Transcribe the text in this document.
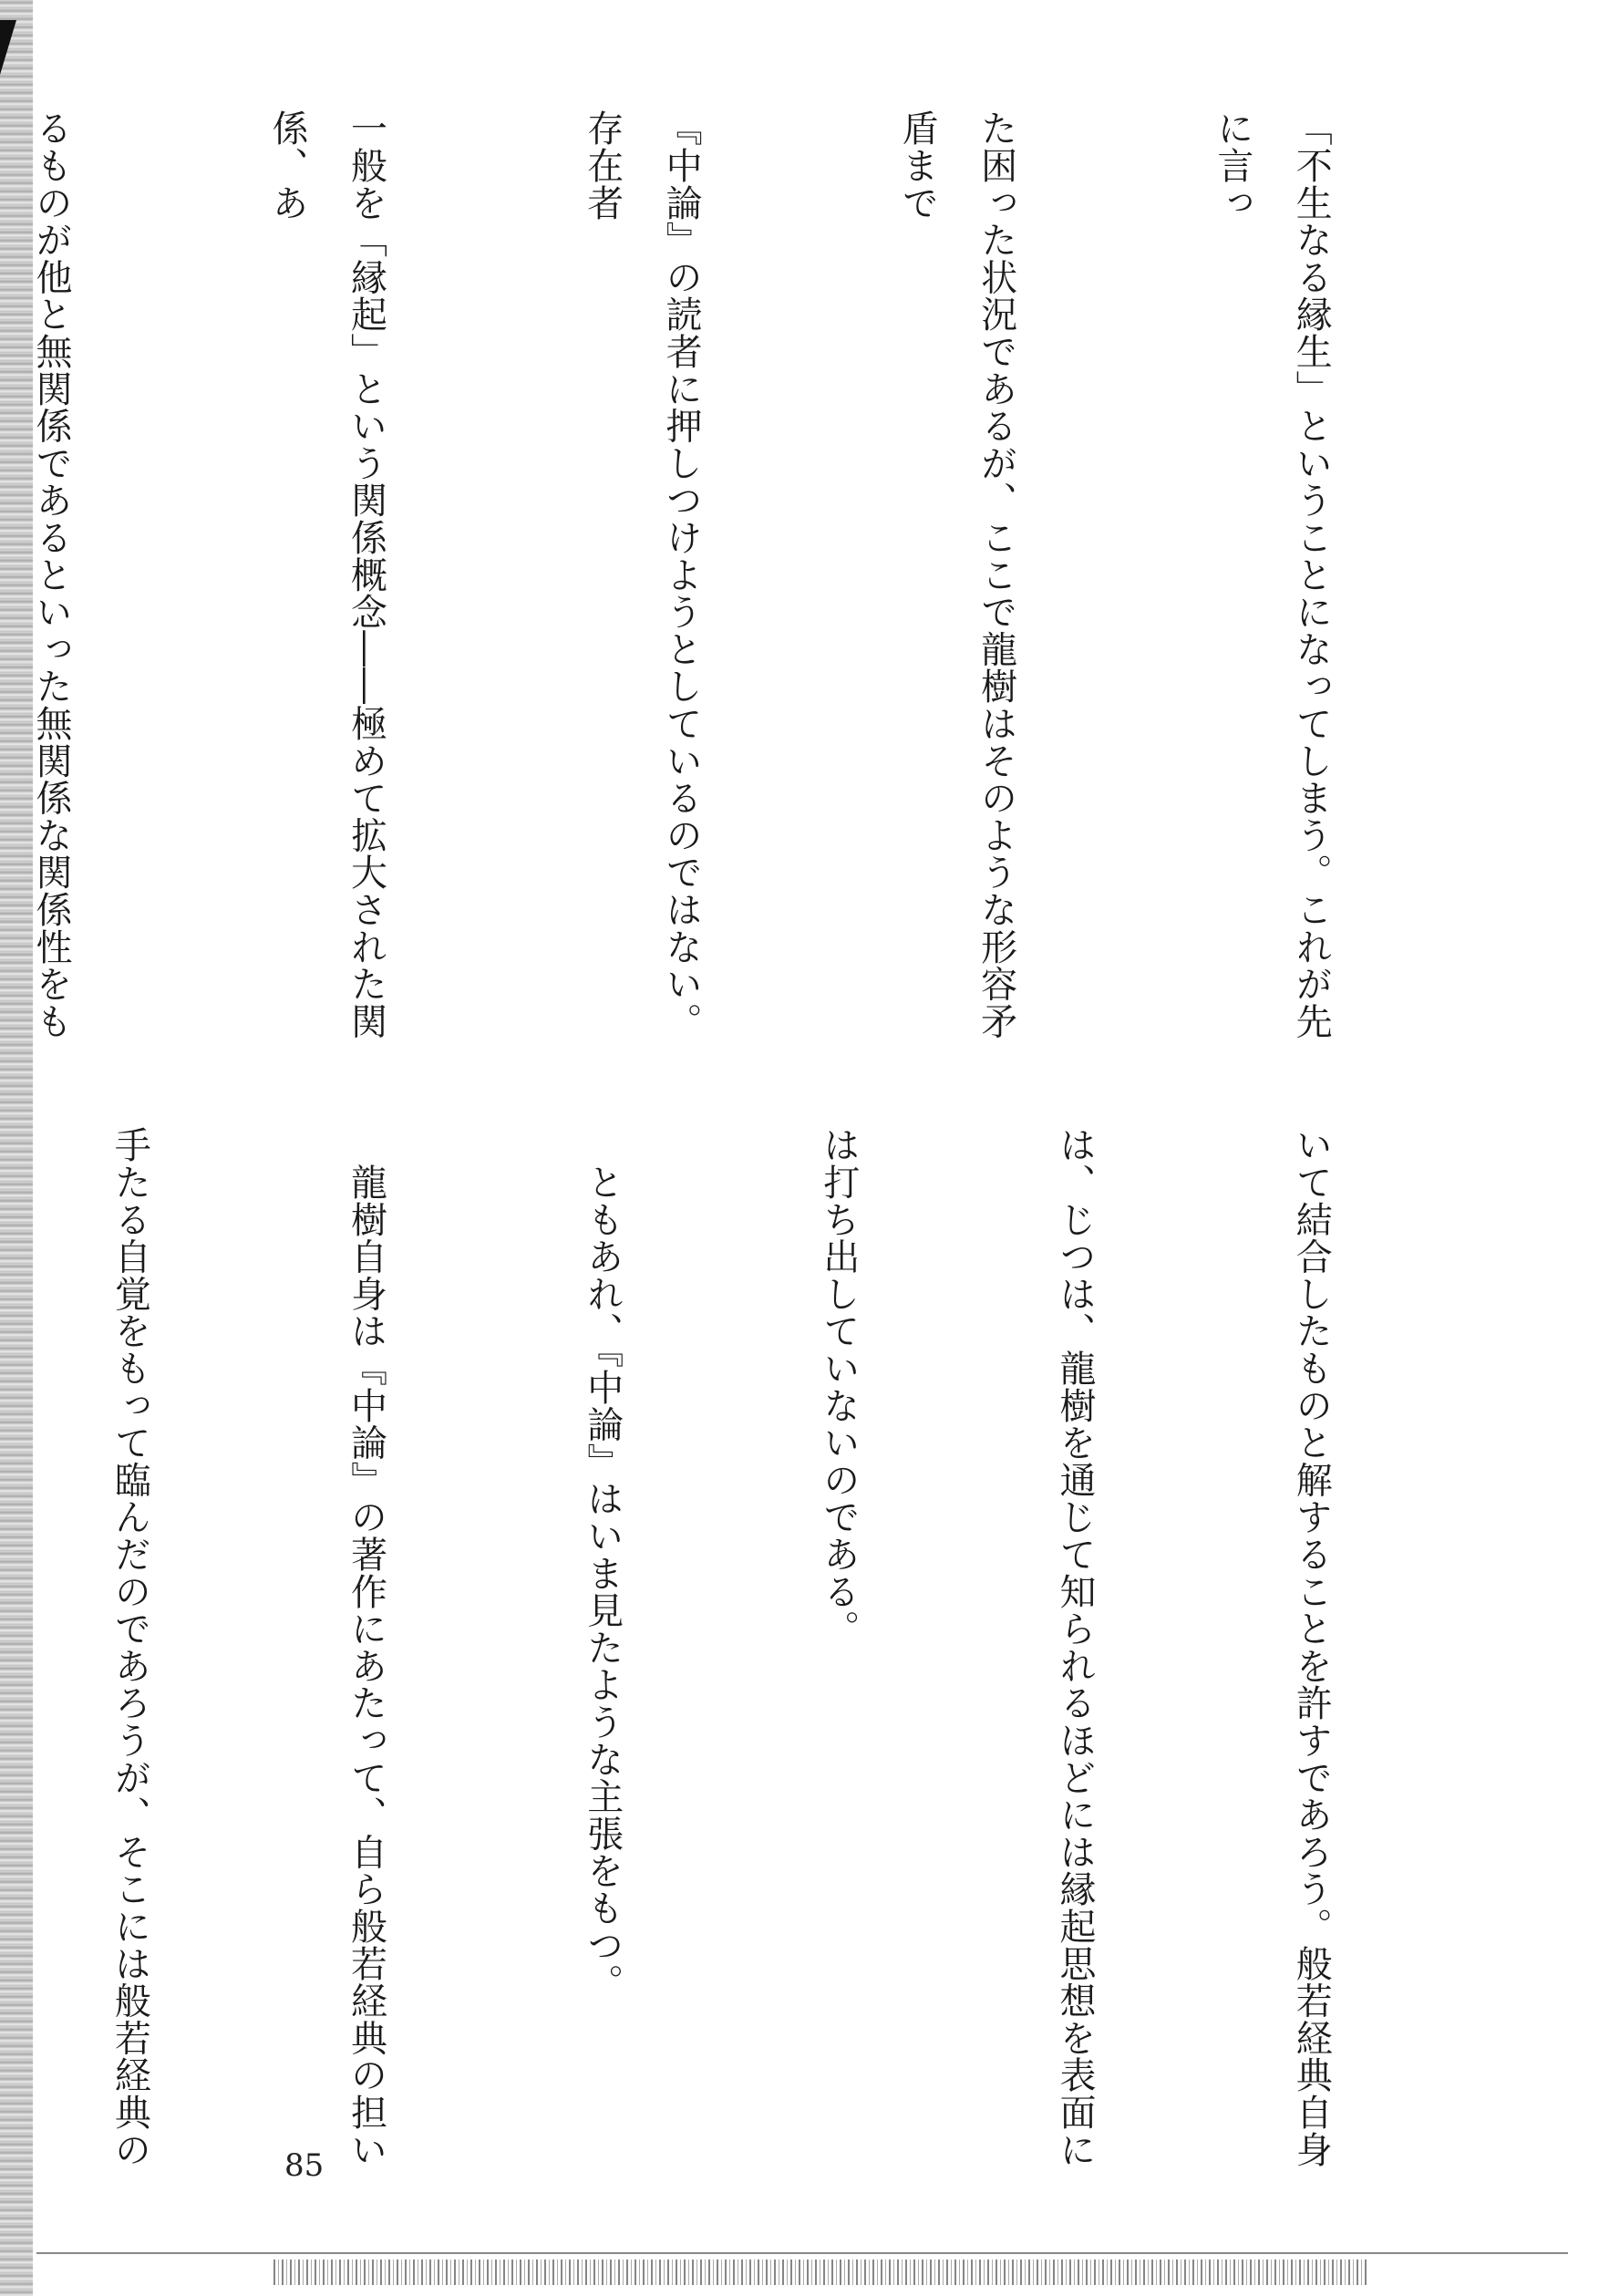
「不生なる縁生」ということになってしまう。これが先に言っ

た困った状況であるが、ここで龍樹はそのような形容矛盾まで

『中論』の読者に押しつけようとしているのではない。存在者

一般を「縁起」という関係概念――極めて拡大された関係、あ

るものが他と無関係であるといった無関係な関係性をも

いて結合したものと解することを許すであろう。般若経典自身

は、じつは、龍樹を通じて知られるほどには縁起思想を表面に

は打ち出していないのである。

　ともあれ、『中論』はいま見たような主張をもつ。

　龍樹自身は『中論』の著作にあたって、自ら般若経典の担い

手たる自覚をもって臨んだのであろうが、そこには般若経典の

	85
